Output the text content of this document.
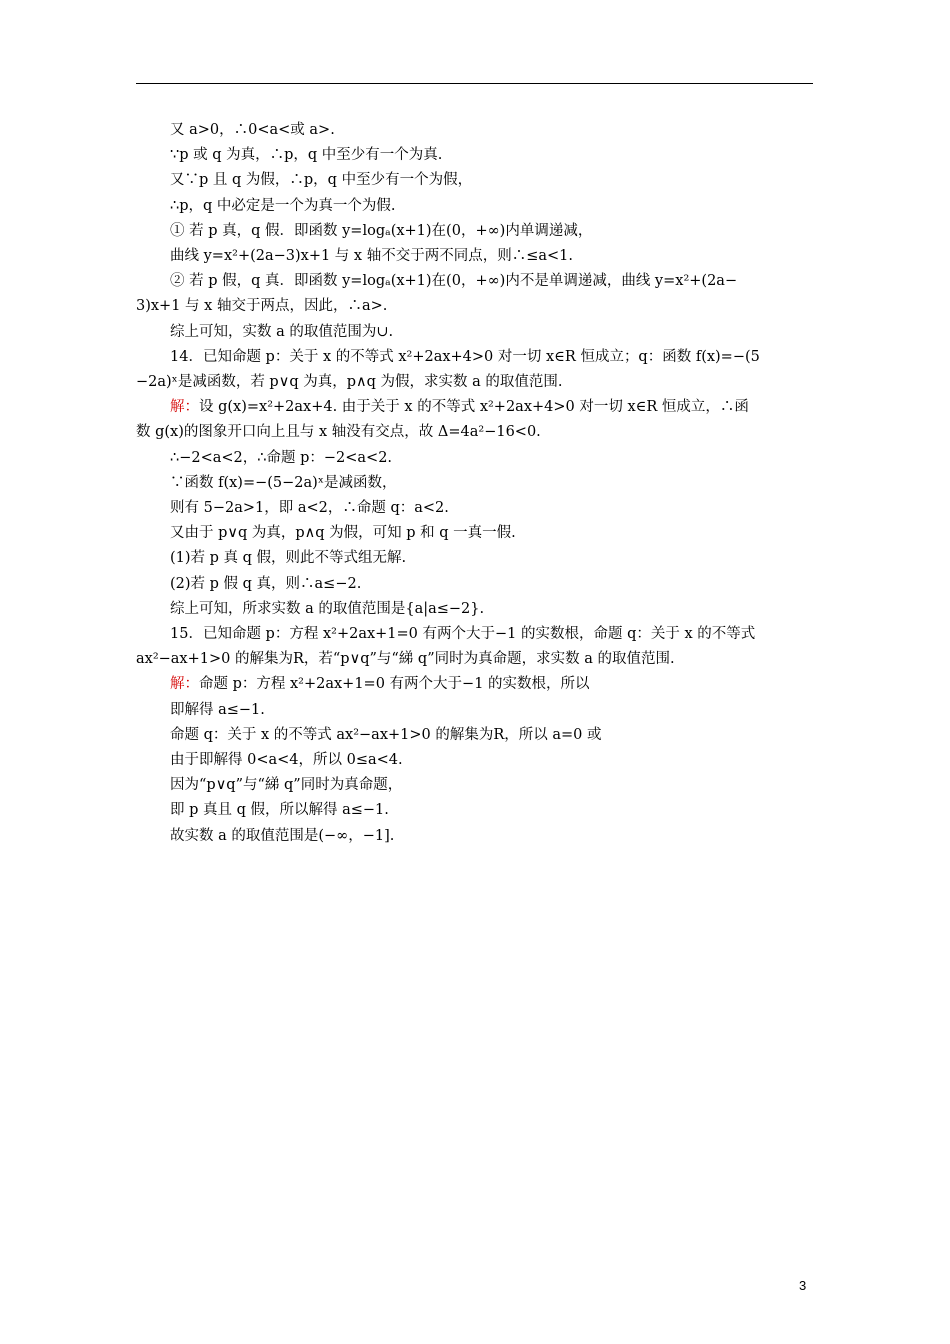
又 a>0，∴0<a<或 a>.
∵p 或 q 为真，∴p，q 中至少有一个为真.
又∵p 且 q 为假，∴p，q 中至少有一个为假，
∴p，q 中必定是一个为真一个为假.
① 若 p 真，q 假．即函数 y=logₐ(x+1)在(0，+∞)内单调递减，
曲线 y=x²+(2a−3)x+1 与 x 轴不交于两不同点，则∴≤a<1.
② 若 p 假，q 真．即函数 y=logₐ(x+1)在(0，+∞)内不是单调递减，曲线 y=x²+(2a−
3)x+1 与 x 轴交于两点，因此，∴a>.
综上可知，实数 a 的取值范围为∪.
14．已知命题 p：关于 x 的不等式 x²+2ax+4>0 对一切 x∈R 恒成立；q：函数 f(x)=−(5
−2a)ˣ是减函数，若 p∨q 为真，p∧q 为假，求实数 a 的取值范围.
解：设 g(x)=x²+2ax+4. 由于关于 x 的不等式 x²+2ax+4>0 对一切 x∈R 恒成立，∴函
数 g(x)的图象开口向上且与 x 轴没有交点，故 Δ=4a²−16<0.
∴−2<a<2，∴命题 p：−2<a<2.
∵函数 f(x)=−(5−2a)ˣ是减函数，
则有 5−2a>1，即 a<2，∴命题 q：a<2.
又由于 p∨q 为真，p∧q 为假，可知 p 和 q 一真一假.
(1)若 p 真 q 假，则此不等式组无解.
(2)若 p 假 q 真，则∴a≤−2.
综上可知，所求实数 a 的取值范围是{a|a≤−2}.
15．已知命题 p：方程 x²+2ax+1=0 有两个大于−1 的实数根，命题 q：关于 x 的不等式
ax²−ax+1>0 的解集为R，若“p∨q”与“綈 q”同时为真命题，求实数 a 的取值范围.
解：命题 p：方程 x²+2ax+1=0 有两个大于−1 的实数根，所以
即解得 a≤−1.
命题 q：关于 x 的不等式 ax²−ax+1>0 的解集为R，所以 a=0 或
由于即解得 0<a<4，所以 0≤a<4.
因为“p∨q”与“綈 q”同时为真命题，
即 p 真且 q 假，所以解得 a≤−1.
故实数 a 的取值范围是(−∞，−1].
3
